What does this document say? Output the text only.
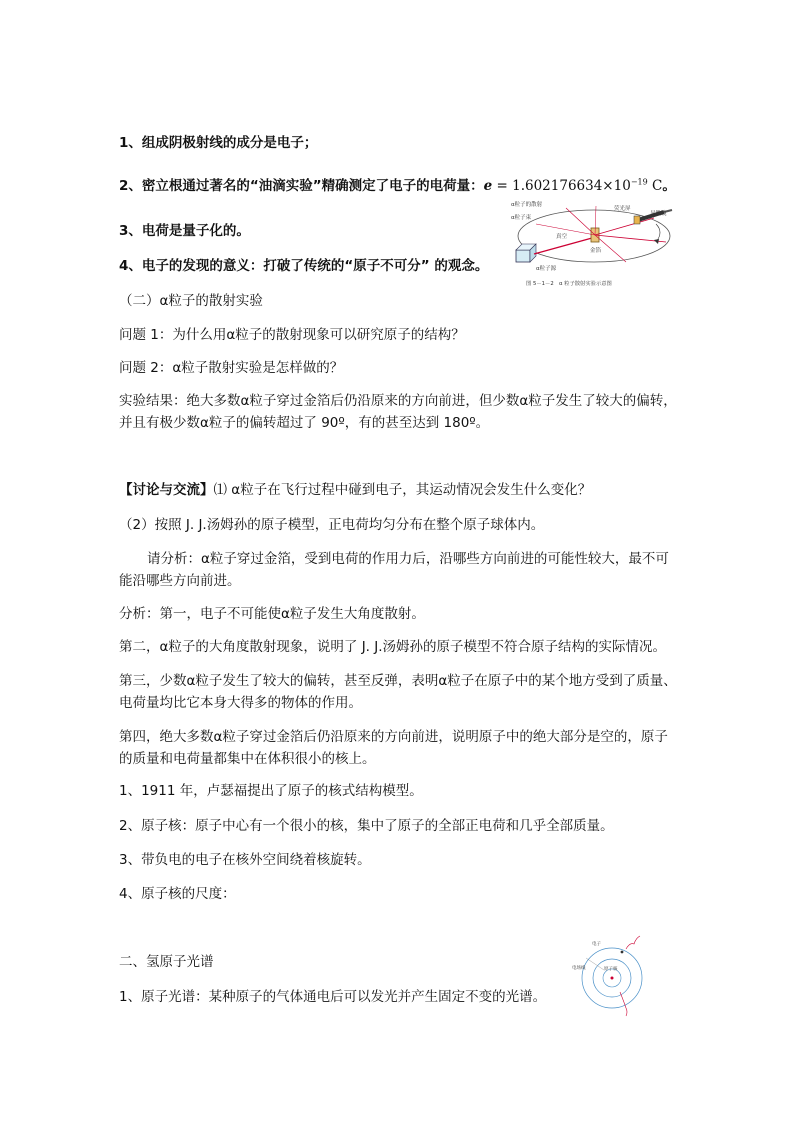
1、组成阴极射线的成分是电子；
2、密立根通过著名的“油滴实验”精确测定了电子的电荷量：$e = 1.602176634\times 10^{-19}$ C。
3、电荷是量子化的。
4、电子的发现的意义：打破了传统的“原子不可分” 的观念。
α粒子的散射
α粒子束
真空
金箔
荧光屏
显微镜
α粒子源
图 5－1－2　α 粒子散射实验示意图
（二）α粒子的散射实验
问题 1：为什么用α粒子的散射现象可以研究原子的结构？
问题 2：α粒子散射实验是怎样做的？
实验结果：绝大多数α粒子穿过金箔后仍沿原来的方向前进，但少数α粒子发生了较大的偏转，并且有极少数α粒子的偏转超过了 90º，有的甚至达到 180º。
【讨论与交流】⑴ α粒子在飞行过程中碰到电子，其运动情况会发生什么变化？
（2）按照 J. J.汤姆孙的原子模型，正电荷均匀分布在整个原子球体内。
请分析：α粒子穿过金箔，受到电荷的作用力后，沿哪些方向前进的可能性较大，最不可能沿哪些方向前进。
分析：第一，电子不可能使α粒子发生大角度散射。
第二，α粒子的大角度散射现象，说明了 J. J.汤姆孙的原子模型不符合原子结构的实际情况。
第三，少数α粒子发生了较大的偏转，甚至反弹，表明α粒子在原子中的某个地方受到了质量、电荷量均比它本身大得多的物体的作用。
第四，绝大多数α粒子穿过金箔后仍沿原来的方向前进，说明原子中的绝大部分是空的，原子的质量和电荷量都集中在体积很小的核上。
1、1911 年，卢瑟福提出了原子的核式结构模型。
2、原子核：原子中心有一个很小的核，集中了原子的全部正电荷和几乎全部质量。
3、带负电的电子在核外空间绕着核旋转。
4、原子核的尺度：
二、氢原子光谱
1、原子光谱：某种原子的气体通电后可以发光并产生固定不变的光谱。
电子
原子核
电场线
